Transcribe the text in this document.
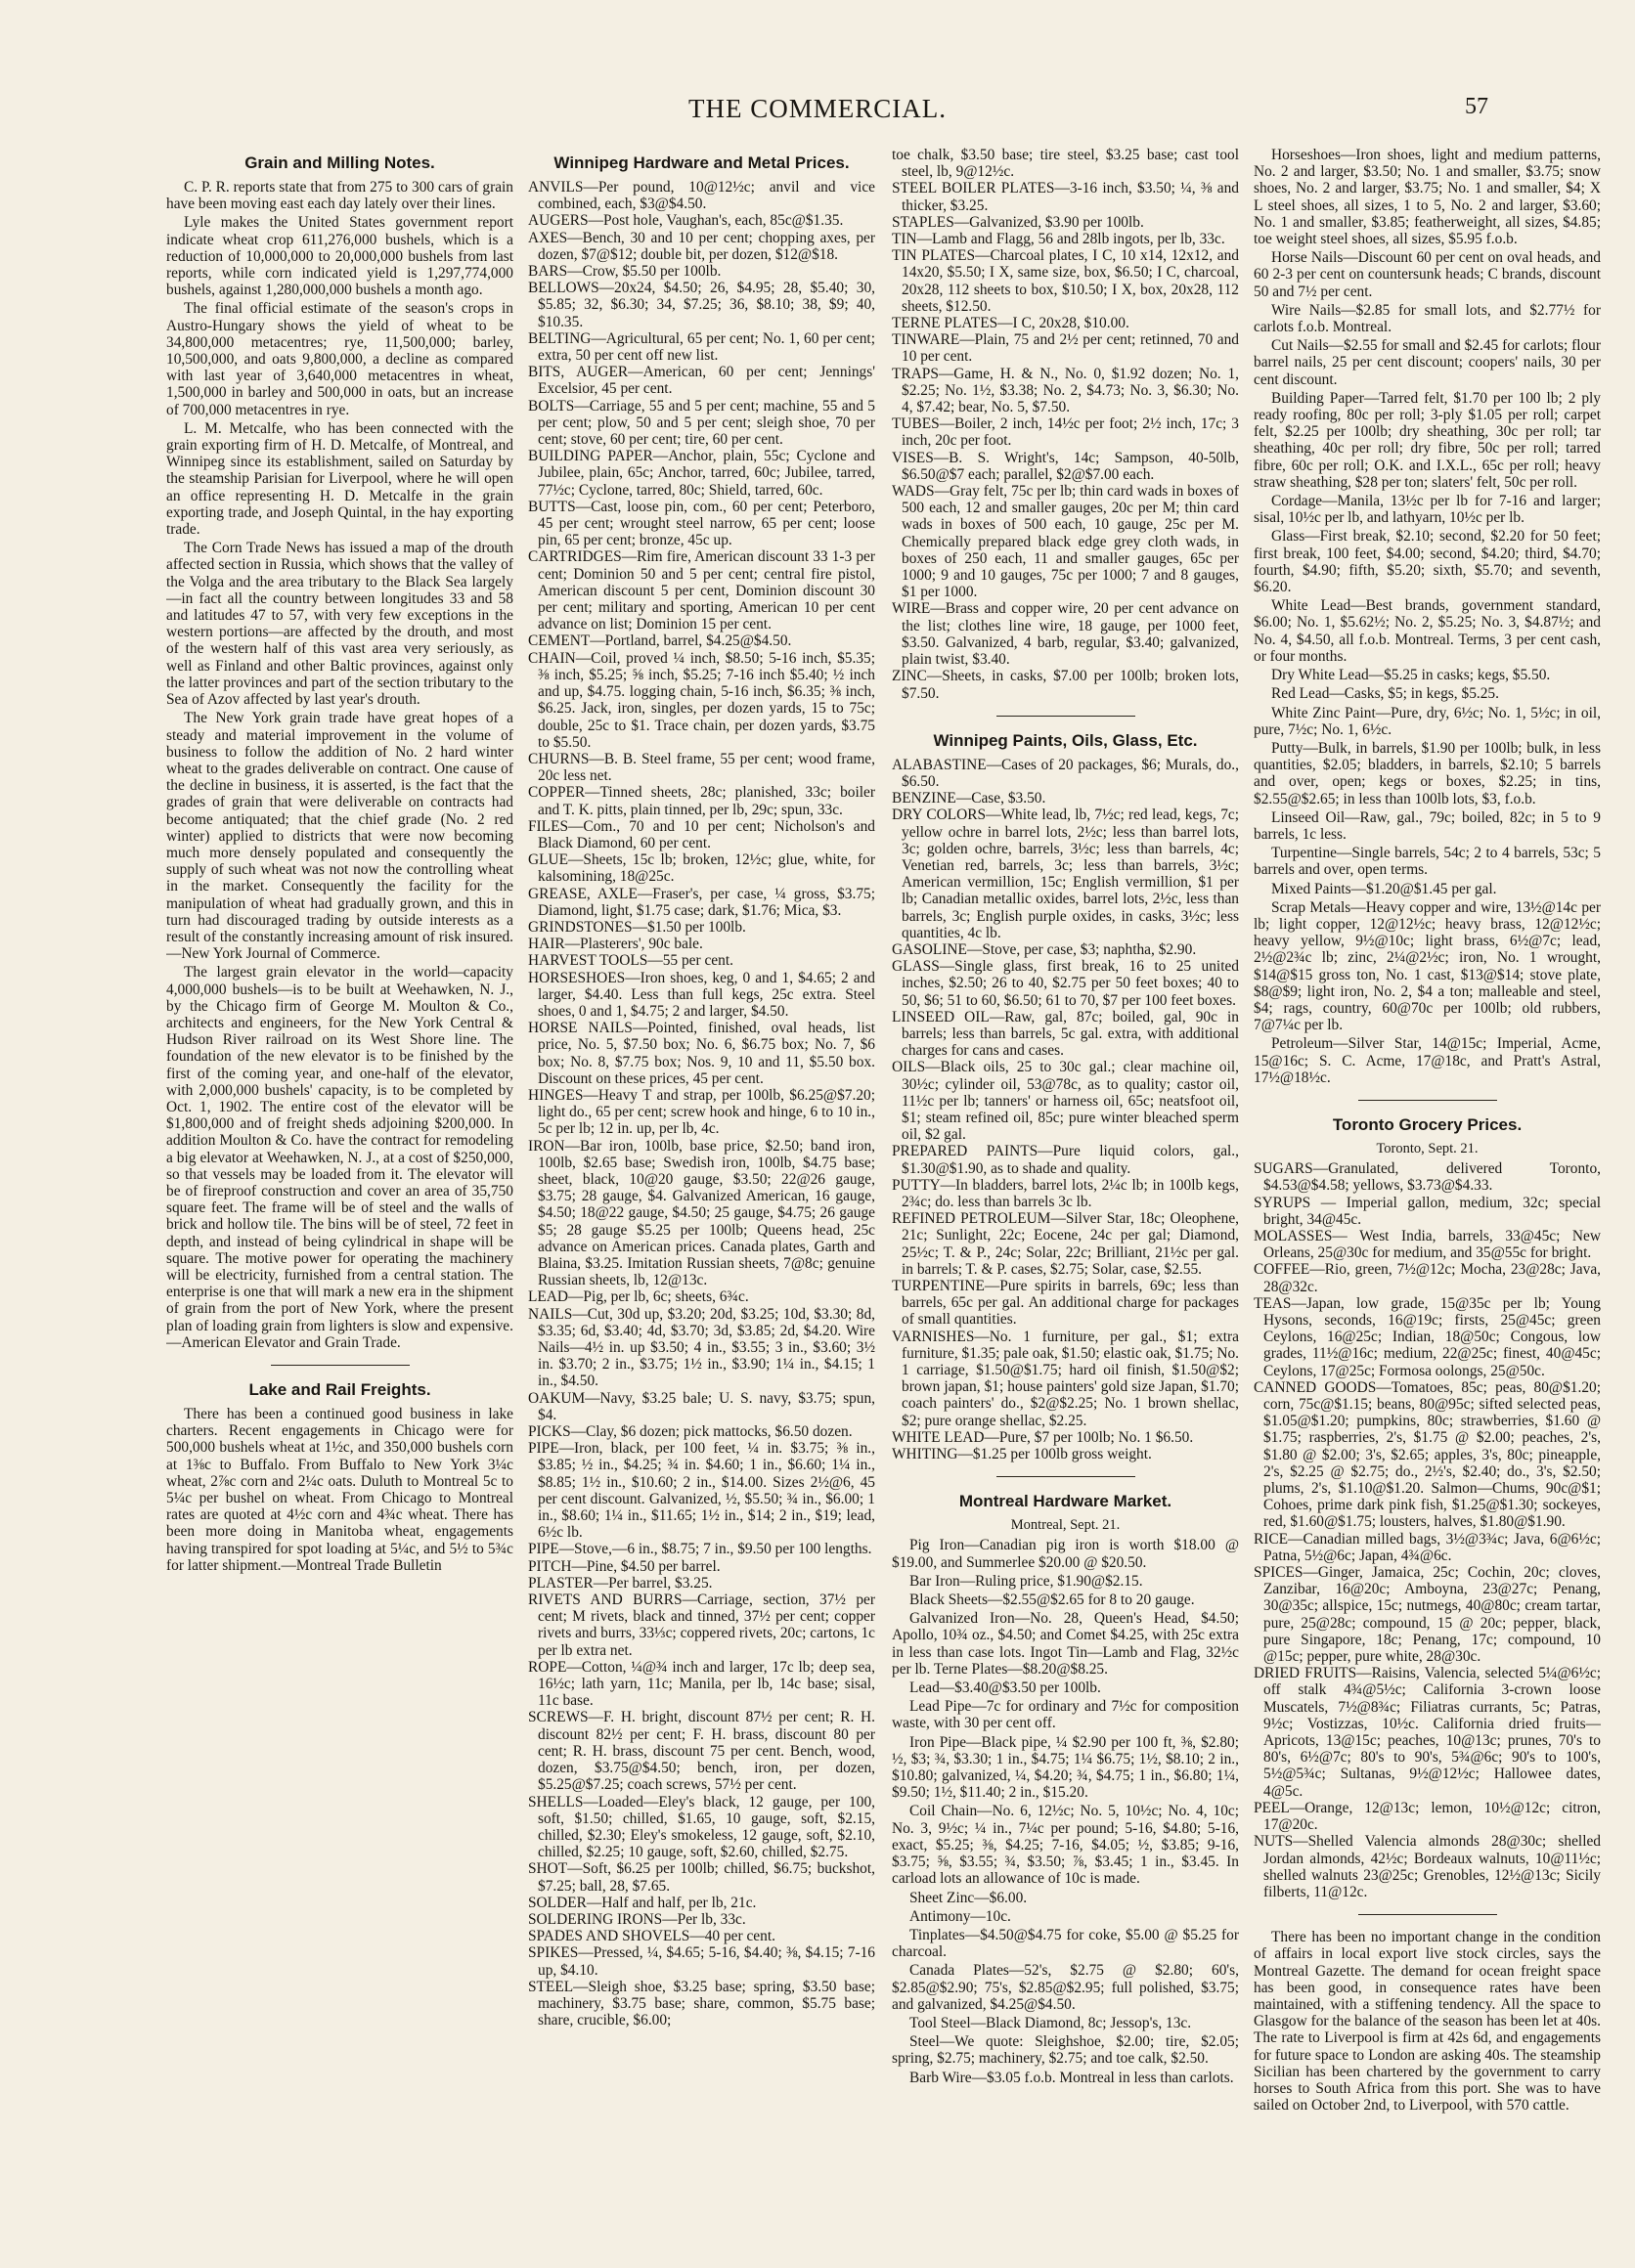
THE COMMERCIAL.	57
Grain and Milling Notes.

C. P. R. reports state that from 275 to 300 cars of grain have been moving east each day lately over their lines.

Lyle makes the United States government report indicate wheat crop 611,276,000 bushels, which is a reduction of 10,000,000 to 20,000,000 bushels from last reports, while corn indicated yield is 1,297,774,000 bushels, against 1,280,000,000 bushels a month ago.

The final official estimate of the season's crops in Austro-Hungary shows the yield of wheat to be 34,800,000 metacentres; rye, 11,500,000; barley, 10,500,000, and oats 9,800,000, a decline as compared with last year of 3,640,000 metacentres in wheat, 1,500,000 in barley and 500,000 in oats, but an increase of 700,000 metacentres in rye.

L. M. Metcalfe, who has been connected with the grain exporting firm of H. D. Metcalfe, of Montreal, and Winnipeg since its establishment, sailed on Saturday by the steamship Parisian for Liverpool, where he will open an office representing H. D. Metcalfe in the grain exporting trade, and Joseph Quintal, in the hay exporting trade.

The Corn Trade News has issued a map of the drouth affected section in Russia, which shows that the valley of the Volga and the area tributary to the Black Sea largely—in fact all the country between longitudes 33 and 58 and latitudes 47 to 57, with very few exceptions in the western portions—are affected by the drouth, and most of the western half of this vast area very seriously, as well as Finland and other Baltic provinces, against only the latter provinces and part of the section tributary to the Sea of Azov affected by last year's drouth.

The New York grain trade have great hopes of a steady and material improvement in the volume of business to follow the addition of No. 2 hard winter wheat to the grades deliverable on contract. One cause of the decline in business, it is asserted, is the fact that the grades of grain that were deliverable on contracts had become antiquated; that the chief grade (No. 2 red winter) applied to districts that were now becoming much more densely populated and consequently the supply of such wheat was not now the controlling wheat in the market. Consequently the facility for the manipulation of wheat had gradually grown, and this in turn had discouraged trading by outside interests as a result of the constantly increasing amount of risk insured.—New York Journal of Commerce.

The largest grain elevator in the world—capacity 4,000,000 bushels—is to be built at Weehawken, N. J., by the Chicago firm of George M. Moulton & Co., architects and engineers, for the New York Central & Hudson River railroad on its West Shore line. The foundation of the new elevator is to be finished by the first of the coming year, and one-half of the elevator, with 2,000,000 bushels' capacity, is to be completed by Oct. 1, 1902. The entire cost of the elevator will be $1,800,000 and of freight sheds adjoining $200,000. In addition Moulton & Co. have the contract for remodeling a big elevator at Weehawken, N. J., at a cost of $250,000, so that vessels may be loaded from it. The elevator will be of fireproof construction and cover an area of 35,750 square feet. The frame will be of steel and the walls of brick and hollow tile. The bins will be of steel, 72 feet in depth, and instead of being cylindrical in shape will be square. The motive power for operating the machinery will be electricity, furnished from a central station. The enterprise is one that will mark a new era in the shipment of grain from the port of New York, where the present plan of loading grain from lighters is slow and expensive.—American Elevator and Grain Trade.

Lake and Rail Freights.

There has been a continued good business in lake charters. Recent engagements in Chicago were for 500,000 bushels wheat at 1½c, and 350,000 bushels corn at 1⅜c to Buffalo. From Buffalo to New York 3¼c wheat, 2⅞c corn and 2¼c oats. Duluth to Montreal 5c to 5¼c per bushel on wheat. From Chicago to Montreal rates are quoted at 4½c corn and 4¾c wheat. There has been more doing in Manitoba wheat, engagements having transpired for spot loading at 5¼c, and 5½ to 5¾c for latter shipment.—Montreal Trade Bulletin

Winnipeg Hardware and Metal Prices.

ANVILS—Per pound, 10@12½c; anvil and vice combined, each, $3@$4.50.

AUGERS—Post hole, Vaughan's, each, 85c@$1.35.

AXES—Bench, 30 and 10 per cent; chopping axes, per dozen, $7@$12; double bit, per dozen, $12@$18.

BARS—Crow, $5.50 per 100lb.

BELLOWS—20x24, $4.50; 26, $4.95; 28, $5.40; 30, $5.85; 32, $6.30; 34, $7.25; 36, $8.10; 38, $9; 40, $10.35.

BELTING—Agricultural, 65 per cent; No. 1, 60 per cent; extra, 50 per cent off new list.

BITS, AUGER—American, 60 per cent; Jennings' Excelsior, 45 per cent.

BOLTS—Carriage, 55 and 5 per cent; machine, 55 and 5 per cent; plow, 50 and 5 per cent; sleigh shoe, 70 per cent; stove, 60 per cent; tire, 60 per cent.

BUILDING PAPER—Anchor, plain, 55c; Cyclone and Jubilee, plain, 65c; Anchor, tarred, 60c; Jubilee, tarred, 77½c; Cyclone, tarred, 80c; Shield, tarred, 60c.

BUTTS—Cast, loose pin, com., 60 per cent; Peterboro, 45 per cent; wrought steel narrow, 65 per cent; loose pin, 65 per cent; bronze, 45c up.

CARTRIDGES—Rim fire, American discount 33 1-3 per cent; Dominion 50 and 5 per cent; central fire pistol, American discount 5 per cent, Dominion discount 30 per cent; military and sporting, American 10 per cent advance on list; Dominion 15 per cent.

CEMENT—Portland, barrel, $4.25@$4.50.

CHAIN—Coil, proved ¼ inch, $8.50; 5-16 inch, $5.35; ⅜ inch, $5.25; ⅝ inch, $5.25; 7-16 inch $5.40; ½ inch and up, $4.75. logging chain, 5-16 inch, $6.35; ⅜ inch, $6.25. Jack, iron, singles, per dozen yards, 15 to 75c; double, 25c to $1. Trace chain, per dozen yards, $3.75 to $5.50.

CHURNS—B. B. Steel frame, 55 per cent; wood frame, 20c less net.

COPPER—Tinned sheets, 28c; planished, 33c; boiler and T. K. pitts, plain tinned, per lb, 29c; spun, 33c.

FILES—Com., 70 and 10 per cent; Nicholson's and Black Diamond, 60 per cent.

GLUE—Sheets, 15c lb; broken, 12½c; glue, white, for kalsomining, 18@25c.

GREASE, AXLE—Fraser's, per case, ¼ gross, $3.75; Diamond, light, $1.75 case; dark, $1.76; Mica, $3.

GRINDSTONES—$1.50 per 100lb.

HAIR—Plasterers', 90c bale.

HARVEST TOOLS—55 per cent.

HORSESHOES—Iron shoes, keg, 0 and 1, $4.65; 2 and larger, $4.40. Less than full kegs, 25c extra. Steel shoes, 0 and 1, $4.75; 2 and larger, $4.50.

HORSE NAILS—Pointed, finished, oval heads, list price, No. 5, $7.50 box; No. 6, $6.75 box; No. 7, $6 box; No. 8, $7.75 box; Nos. 9, 10 and 11, $5.50 box. Discount on these prices, 45 per cent.

HINGES—Heavy T and strap, per 100lb, $6.25@$7.20; light do., 65 per cent; screw hook and hinge, 6 to 10 in., 5c per lb; 12 in. up, per lb, 4c.

IRON—Bar iron, 100lb, base price, $2.50; band iron, 100lb, $2.65 base; Swedish iron, 100lb, $4.75 base; sheet, black, 10@20 gauge, $3.50; 22@26 gauge, $3.75; 28 gauge, $4. Galvanized American, 16 gauge, $4.50; 18@22 gauge, $4.50; 25 gauge, $4.75; 26 gauge $5; 28 gauge $5.25 per 100lb; Queens head, 25c advance on American prices. Canada plates, Garth and Blaina, $3.25. Imitation Russian sheets, 7@8c; genuine Russian sheets, lb, 12@13c.

LEAD—Pig, per lb, 6c; sheets, 6¾c.

NAILS—Cut, 30d up, $3.20; 20d, $3.25; 10d, $3.30; 8d, $3.35; 6d, $3.40; 4d, $3.70; 3d, $3.85; 2d, $4.20. Wire Nails—4½ in. up $3.50; 4 in., $3.55; 3 in., $3.60; 3½ in. $3.70; 2 in., $3.75; 1½ in., $3.90; 1¼ in., $4.15; 1 in., $4.50.

OAKUM—Navy, $3.25 bale; U. S. navy, $3.75; spun, $4.

PICKS—Clay, $6 dozen; pick mattocks, $6.50 dozen.

PIPE—Iron, black, per 100 feet, ¼ in. $3.75; ⅜ in., $3.85; ½ in., $4.25; ¾ in. $4.60; 1 in., $6.60; 1¼ in., $8.85; 1½ in., $10.60; 2 in., $14.00. Sizes 2½@6, 45 per cent discount. Galvanized, ½, $5.50; ¾ in., $6.00; 1 in., $8.60; 1¼ in., $11.65; 1½ in., $14; 2 in., $19; lead, 6½c lb.

PIPE—Stove,—6 in., $8.75; 7 in., $9.50 per 100 lengths.

PITCH—Pine, $4.50 per barrel.

PLASTER—Per barrel, $3.25.

RIVETS AND BURRS—Carriage, section, 37½ per cent; M rivets, black and tinned, 37½ per cent; copper rivets and burrs, 33⅓c; coppered rivets, 20c; cartons, 1c per lb extra net.

ROPE—Cotton, ¼@¾ inch and larger, 17c lb; deep sea, 16½c; lath yarn, 11c; Manila, per lb, 14c base; sisal, 11c base.

SCREWS—F. H. bright, discount 87½ per cent; R. H. discount 82½ per cent; F. H. brass, discount 80 per cent; R. H. brass, discount 75 per cent. Bench, wood, dozen, $3.75@$4.50; bench, iron, per dozen, $5.25@$7.25; coach screws, 57½ per cent.

SHELLS—Loaded—Eley's black, 12 gauge, per 100, soft, $1.50; chilled, $1.65, 10 gauge, soft, $2.15, chilled, $2.30; Eley's smokeless, 12 gauge, soft, $2.10, chilled, $2.25; 10 gauge, soft, $2.60, chilled, $2.75.

SHOT—Soft, $6.25 per 100lb; chilled, $6.75; buckshot, $7.25; ball, 28, $7.65.

SOLDER—Half and half, per lb, 21c.

SOLDERING IRONS—Per lb, 33c.

SPADES AND SHOVELS—40 per cent.

SPIKES—Pressed, ¼, $4.65; 5-16, $4.40; ⅜, $4.15; 7-16 up, $4.10.

STEEL—Sleigh shoe, $3.25 base; spring, $3.50 base; machinery, $3.75 base; share, common, $5.75 base; share, crucible, $6.00;

toe chalk, $3.50 base; tire steel, $3.25 base; cast tool steel, lb, 9@12½c.

STEEL BOILER PLATES—3-16 inch, $3.50; ¼, ⅜ and thicker, $3.25.

STAPLES—Galvanized, $3.90 per 100lb.

TIN—Lamb and Flagg, 56 and 28lb ingots, per lb, 33c.

TIN PLATES—Charcoal plates, I C, 10 x14, 12x12, and 14x20, $5.50; I X, same size, box, $6.50; I C, charcoal, 20x28, 112 sheets to box, $10.50; I X, box, 20x28, 112 sheets, $12.50.

TERNE PLATES—I C, 20x28, $10.00.

TINWARE—Plain, 75 and 2½ per cent; retinned, 70 and 10 per cent.

TRAPS—Game, H. & N., No. 0, $1.92 dozen; No. 1, $2.25; No. 1½, $3.38; No. 2, $4.73; No. 3, $6.30; No. 4, $7.42; bear, No. 5, $7.50.

TUBES—Boiler, 2 inch, 14½c per foot; 2½ inch, 17c; 3 inch, 20c per foot.

VISES—B. S. Wright's, 14c; Sampson, 40-50lb, $6.50@$7 each; parallel, $2@$7.00 each.

WADS—Gray felt, 75c per lb; thin card wads in boxes of 500 each, 12 and smaller gauges, 20c per M; thin card wads in boxes of 500 each, 10 gauge, 25c per M. Chemically prepared black edge grey cloth wads, in boxes of 250 each, 11 and smaller gauges, 65c per 1000; 9 and 10 gauges, 75c per 1000; 7 and 8 gauges, $1 per 1000.

WIRE—Brass and copper wire, 20 per cent advance on the list; clothes line wire, 18 gauge, per 1000 feet, $3.50. Galvanized, 4 barb, regular, $3.40; galvanized, plain twist, $3.40.

ZINC—Sheets, in casks, $7.00 per 100lb; broken lots, $7.50.

Winnipeg Paints, Oils, Glass, Etc.

ALABASTINE—Cases of 20 packages, $6; Murals, do., $6.50.

BENZINE—Case, $3.50.

DRY COLORS—White lead, lb, 7½c; red lead, kegs, 7c; yellow ochre in barrel lots, 2½c; less than barrel lots, 3c; golden ochre, barrels, 3½c; less than barrels, 4c; Venetian red, barrels, 3c; less than barrels, 3½c; American vermillion, 15c; English vermillion, $1 per lb; Canadian metallic oxides, barrel lots, 2½c, less than barrels, 3c; English purple oxides, in casks, 3½c; less quantities, 4c lb.

GASOLINE—Stove, per case, $3; naphtha, $2.90.

GLASS—Single glass, first break, 16 to 25 united inches, $2.50; 26 to 40, $2.75 per 50 feet boxes; 40 to 50, $6; 51 to 60, $6.50; 61 to 70, $7 per 100 feet boxes.

LINSEED OIL—Raw, gal, 87c; boiled, gal, 90c in barrels; less than barrels, 5c gal. extra, with additional charges for cans and cases.

OILS—Black oils, 25 to 30c gal.; clear machine oil, 30½c; cylinder oil, 53@78c, as to quality; castor oil, 11½c per lb; tanners' or harness oil, 65c; neatsfoot oil, $1; steam refined oil, 85c; pure winter bleached sperm oil, $2 gal.

PREPARED PAINTS—Pure liquid colors, gal., $1.30@$1.90, as to shade and quality.

PUTTY—In bladders, barrel lots, 2¼c lb; in 100lb kegs, 2¾c; do. less than barrels 3c lb.

REFINED PETROLEUM—Silver Star, 18c; Oleophene, 21c; Sunlight, 22c; Eocene, 24c per gal; Diamond, 25½c; T. & P., 24c; Solar, 22c; Brilliant, 21½c per gal. in barrels; T. & P. cases, $2.75; Solar, case, $2.55.

TURPENTINE—Pure spirits in barrels, 69c; less than barrels, 65c per gal. An additional charge for packages of small quantities.

VARNISHES—No. 1 furniture, per gal., $1; extra furniture, $1.35; pale oak, $1.50; elastic oak, $1.75; No. 1 carriage, $1.50@$1.75; hard oil finish, $1.50@$2; brown japan, $1; house painters' gold size Japan, $1.70; coach painters' do., $2@$2.25; No. 1 brown shellac, $2; pure orange shellac, $2.25.

WHITE LEAD—Pure, $7 per 100lb; No. 1 $6.50.

WHITING—$1.25 per 100lb gross weight.

Montreal Hardware Market.
Montreal, Sept. 21.

Pig Iron—Canadian pig iron is worth $18.00 @ $19.00, and Summerlee $20.00 @ $20.50.

Bar Iron—Ruling price, $1.90@$2.15.

Black Sheets—$2.55@$2.65 for 8 to 20 gauge.

Galvanized Iron—No. 28, Queen's Head, $4.50; Apollo, 10¾ oz., $4.50; and Comet $4.25, with 25c extra in less than case lots. Ingot Tin—Lamb and Flag, 32½c per lb. Terne Plates—$8.20@$8.25.

Lead—$3.40@$3.50 per 100lb.

Lead Pipe—7c for ordinary and 7½c for composition waste, with 30 per cent off.

Iron Pipe—Black pipe, ¼ $2.90 per 100 ft, ⅜, $2.80; ½, $3; ¾, $3.30; 1 in., $4.75; 1¼ $6.75; 1½, $8.10; 2 in., $10.80; galvanized, ¼, $4.20; ¾, $4.75; 1 in., $6.80; 1¼, $9.50; 1½, $11.40; 2 in., $15.20.

Coil Chain—No. 6, 12½c; No. 5, 10½c; No. 4, 10c; No. 3, 9½c; ¼ in., 7¼c per pound; 5-16, $4.80; 5-16, exact, $5.25; ⅜, $4.25; 7-16, $4.05; ½, $3.85; 9-16, $3.75; ⅝, $3.55; ¾, $3.50; ⅞, $3.45; 1 in., $3.45. In carload lots an allowance of 10c is made.

Sheet Zinc—$6.00.

Antimony—10c.

Tinplates—$4.50@$4.75 for coke, $5.00 @ $5.25 for charcoal.

Canada Plates—52's, $2.75 @ $2.80; 60's, $2.85@$2.90; 75's, $2.85@$2.95; full polished, $3.75; and galvanized, $4.25@$4.50.

Tool Steel—Black Diamond, 8c; Jessop's, 13c.

Steel—We quote: Sleighshoe, $2.00; tire, $2.05; spring, $2.75; machinery, $2.75; and toe calk, $2.50.

Barb Wire—$3.05 f.o.b. Montreal in less than carlots.

Horseshoes—Iron shoes, light and medium patterns, No. 2 and larger, $3.50; No. 1 and smaller, $3.75; snow shoes, No. 2 and larger, $3.75; No. 1 and smaller, $4; X L steel shoes, all sizes, 1 to 5, No. 2 and larger, $3.60; No. 1 and smaller, $3.85; featherweight, all sizes, $4.85; toe weight steel shoes, all sizes, $5.95 f.o.b.

Horse Nails—Discount 60 per cent on oval heads, and 60 2-3 per cent on countersunk heads; C brands, discount 50 and 7½ per cent.

Wire Nails—$2.85 for small lots, and $2.77½ for carlots f.o.b. Montreal.

Cut Nails—$2.55 for small and $2.45 for carlots; flour barrel nails, 25 per cent discount; coopers' nails, 30 per cent discount.

Building Paper—Tarred felt, $1.70 per 100 lb; 2 ply ready roofing, 80c per roll; 3-ply $1.05 per roll; carpet felt, $2.25 per 100lb; dry sheathing, 30c per roll; tar sheathing, 40c per roll; dry fibre, 50c per roll; tarred fibre, 60c per roll; O.K. and I.X.L., 65c per roll; heavy straw sheathing, $28 per ton; slaters' felt, 50c per roll.

Cordage—Manila, 13½c per lb for 7-16 and larger; sisal, 10½c per lb, and lathyarn, 10½c per lb.

Glass—First break, $2.10; second, $2.20 for 50 feet; first break, 100 feet, $4.00; second, $4.20; third, $4.70; fourth, $4.90; fifth, $5.20; sixth, $5.70; and seventh, $6.20.

White Lead—Best brands, government standard, $6.00; No. 1, $5.62½; No. 2, $5.25; No. 3, $4.87½; and No. 4, $4.50, all f.o.b. Montreal. Terms, 3 per cent cash, or four months.

Dry White Lead—$5.25 in casks; kegs, $5.50.

Red Lead—Casks, $5; in kegs, $5.25.

White Zinc Paint—Pure, dry, 6½c; No. 1, 5½c; in oil, pure, 7½c; No. 1, 6½c.

Putty—Bulk, in barrels, $1.90 per 100lb; bulk, in less quantities, $2.05; bladders, in barrels, $2.10; 5 barrels and over, open; kegs or boxes, $2.25; in tins, $2.55@$2.65; in less than 100lb lots, $3, f.o.b.

Linseed Oil—Raw, gal., 79c; boiled, 82c; in 5 to 9 barrels, 1c less.

Turpentine—Single barrels, 54c; 2 to 4 barrels, 53c; 5 barrels and over, open terms.

Mixed Paints—$1.20@$1.45 per gal.

Scrap Metals—Heavy copper and wire, 13½@14c per lb; light copper, 12@12½c; heavy brass, 12@12½c; heavy yellow, 9½@10c; light brass, 6½@7c; lead, 2½@2¾c lb; zinc, 2¼@2½c; iron, No. 1 wrought, $14@$15 gross ton, No. 1 cast, $13@$14; stove plate, $8@$9; light iron, No. 2, $4 a ton; malleable and steel, $4; rags, country, 60@70c per 100lb; old rubbers, 7@7¼c per lb.

Petroleum—Silver Star, 14@15c; Imperial, Acme, 15@16c; S. C. Acme, 17@18c, and Pratt's Astral, 17½@18½c.

Toronto Grocery Prices.
Toronto, Sept. 21.

SUGARS—Granulated, delivered Toronto, $4.53@$4.58; yellows, $3.73@$4.33.

SYRUPS — Imperial gallon, medium, 32c; special bright, 34@45c.

MOLASSES— West India, barrels, 33@45c; New Orleans, 25@30c for medium, and 35@55c for bright.

COFFEE—Rio, green, 7½@12c; Mocha, 23@28c; Java, 28@32c.

TEAS—Japan, low grade, 15@35c per lb; Young Hysons, seconds, 16@19c; firsts, 25@45c; green Ceylons, 16@25c; Indian, 18@50c; Congous, low grades, 11½@16c; medium, 22@25c; finest, 40@45c; Ceylons, 17@25c; Formosa oolongs, 25@50c.

CANNED GOODS—Tomatoes, 85c; peas, 80@$1.20; corn, 75c@$1.15; beans, 80@95c; sifted selected peas, $1.05@$1.20; pumpkins, 80c; strawberries, $1.60 @ $1.75; raspberries, 2's, $1.75 @ $2.00; peaches, 2's, $1.80 @ $2.00; 3's, $2.65; apples, 3's, 80c; pineapple, 2's, $2.25 @ $2.75; do., 2½'s, $2.40; do., 3's, $2.50; plums, 2's, $1.10@$1.20. Salmon—Chums, 90c@$1; Cohoes, prime dark pink fish, $1.25@$1.30; sockeyes, red, $1.60@$1.75; lousters, halves, $1.80@$1.90.

RICE—Canadian milled bags, 3½@3¾c; Java, 6@6½c; Patna, 5½@6c; Japan, 4¾@6c.

SPICES—Ginger, Jamaica, 25c; Cochin, 20c; cloves, Zanzibar, 16@20c; Amboyna, 23@27c; Penang, 30@35c; allspice, 15c; nutmegs, 40@80c; cream tartar, pure, 25@28c; compound, 15 @ 20c; pepper, black, pure Singapore, 18c; Penang, 17c; compound, 10 @15c; pepper, pure white, 28@30c.

DRIED FRUITS—Raisins, Valencia, selected 5¼@6½c; off stalk 4¾@5½c; California 3-crown loose Muscatels, 7½@8¾c; Filiatras currants, 5c; Patras, 9½c; Vostizzas, 10½c. California dried fruits—Apricots, 13@15c; peaches, 10@13c; prunes, 70's to 80's, 6½@7c; 80's to 90's, 5¾@6c; 90's to 100's, 5½@5¾c; Sultanas, 9½@12½c; Hallowee dates, 4@5c.

PEEL—Orange, 12@13c; lemon, 10½@12c; citron, 17@20c.

NUTS—Shelled Valencia almonds 28@30c; shelled Jordan almonds, 42½c; Bordeaux walnuts, 10@11½c; shelled walnuts 23@25c; Grenobles, 12½@13c; Sicily filberts, 11@12c.

There has been no important change in the condition of affairs in local export live stock circles, says the Montreal Gazette. The demand for ocean freight space has been good, in consequence rates have been maintained, with a stiffening tendency. All the space to Glasgow for the balance of the season has been let at 40s. The rate to Liverpool is firm at 42s 6d, and engagements for future space to London are asking 40s. The steamship Sicilian has been chartered by the government to carry horses to South Africa from this port. She was to have sailed on October 2nd, to Liverpool, with 570 cattle.
